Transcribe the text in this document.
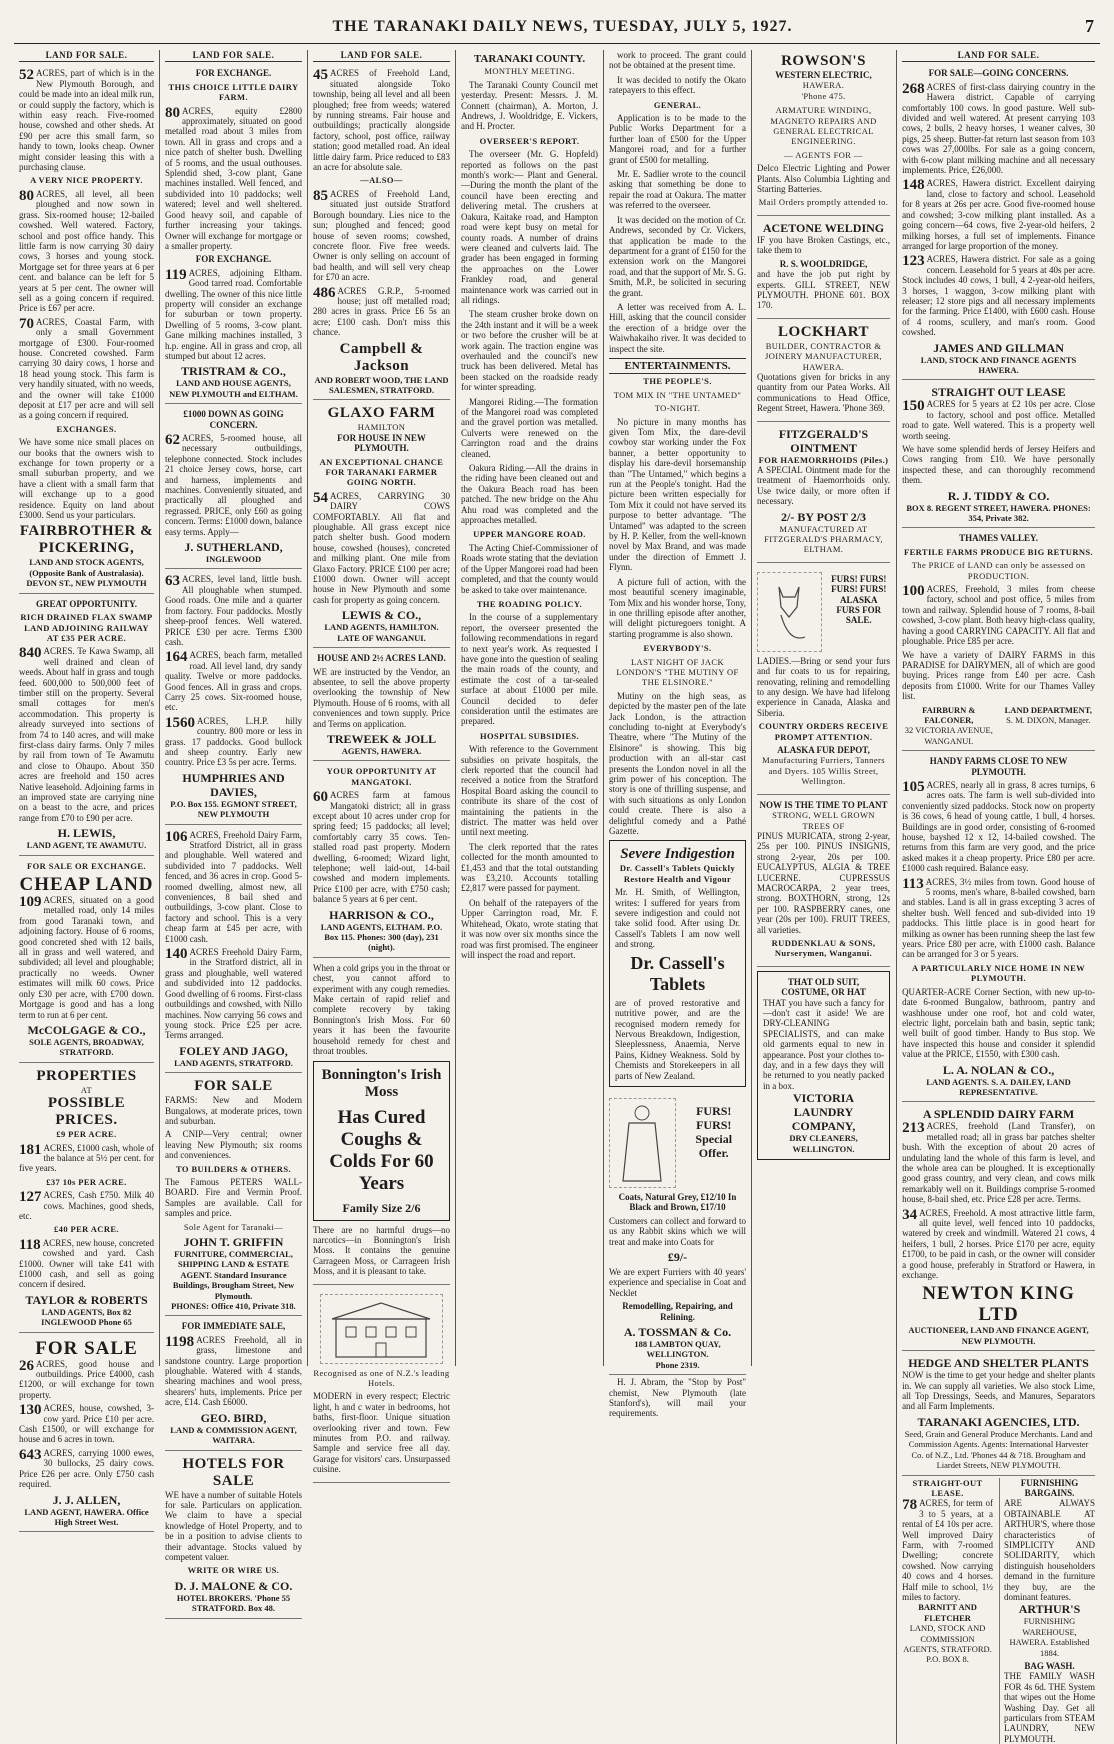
THE TARANAKI DAILY NEWS, TUESDAY, JULY 5, 1927.	7
LAND FOR SALE.

52 ACRES, part of which is in the New Plymouth Borough, and could be made into an ideal milk run, or could supply the factory, which is within easy reach. Five-roomed house, cowshed and other sheds. At £90 per acre this small farm, so handy to town, looks cheap. Owner might consider leasing this with a purchasing clause.

A VERY NICE PROPERTY.

80 ACRES, all level, all been ploughed and now sown in grass. Six-roomed house; 12-bailed cowshed. Well watered. Factory, school and post office handy. This little farm is now carrying 30 dairy cows, 3 horses and young stock. Mortgage set for three years at 6 per cent. and balance can be left for 5 years at 5 per cent. The owner will sell as a going concern if required. Price is £67 per acre.

70 ACRES, Coastal Farm, with only a small Government mortgage of £300. Four-roomed house. Concreted cowshed. Farm carrying 30 dairy cows, 1 horse and 18 head young stock. This farm is very handily situated, with no weeds, and the owner will take £1000 deposit at £17 per acre and will sell as a going concern if required.

EXCHANGES.

We have some nice small places on our books that the owners wish to exchange for town property or a small suburban property, and we have a client with a small farm that will exchange up to a good residence. Equity on land about £3000. Send us your particulars.

FAIRBROTHER & PICKERING,
LAND AND STOCK AGENTS, (Opposite Bank of Australasia). DEVON ST., NEW PLYMOUTH

GREAT OPPORTUNITY.

RICH DRAINED FLAX SWAMP LAND ADJOINING RAILWAY AT £35 PER ACRE.

840 ACRES. Te Kawa Swamp, all well drained and clean of weeds. About half in grass and tough feed. 600,000 to 500,000 feet of timber still on the property. Several small cottages for men's accommodation. This property is already surveyed into sections of from 74 to 140 acres, and will make first-class dairy farms. Only 7 miles by rail from town of Te Awamutu and close to Ohaupo. About 350 acres are freehold and 150 acres Native leasehold. Adjoining farms in an improved state are carrying nine on a beast to the acre, and prices range from £70 to £90 per acre.

H. LEWIS,
LAND AGENT, TE AWAMUTU.

FOR SALE OR EXCHANGE.

CHEAP LAND

109 ACRES, situated on a good metalled road, only 14 miles from good Taranaki town, and adjoining factory. House of 6 rooms, good concreted shed with 12 bails, all in grass and well watered, and subdivided; all level and ploughable; practically no weeds. Owner estimates will milk 60 cows. Price only £30 per acre, with £700 down. Mortgage is good and has a long term to run at 6 per cent.

McCOLGAGE & CO.,
SOLE AGENTS, BROADWAY, STRATFORD.
PROPERTIES
AT
POSSIBLE PRICES.

£9 PER ACRE.

181 ACRES, £1000 cash, whole of the balance at 5½ per cent. for five years.

£37 10s PER ACRE.

127 ACRES, Cash £750. Milk 40 cows. Machines, good sheds, etc.

£40 PER ACRE.

118 ACRES, new house, concreted cowshed and yard. Cash £1000. Owner will take £41 with £1000 cash, and sell as going concern if desired.

TAYLOR & ROBERTS
LAND AGENTS, Box 82 INGLEWOOD Phone 65
FOR SALE

26 ACRES, good house and outbuildings. Price £4000, cash £1200, or will exchange for town property.

130 ACRES, house, cowshed, 3-cow yard. Price £10 per acre. Cash £1500, or will exchange for house and 6 acres in town.

643 ACRES, carrying 1000 ewes, 30 bullocks, 25 dairy cows. Price £26 per acre. Only £750 cash required.

J. J. ALLEN,
LAND AGENT, HAWERA. Office High Street West.
LAND FOR SALE.

FOR EXCHANGE.

THIS CHOICE LITTLE DAIRY FARM.

80 ACRES, equity £2800 approximately, situated on good metalled road about 3 miles from town. All in grass and crops and a nice patch of shelter bush. Dwelling of 5 rooms, and the usual outhouses. Splendid shed, 3-cow plant, Gane machines installed. Well fenced, and subdivided into 10 paddocks; well watered; level and well sheltered. Good heavy soil, and capable of further increasing your takings. Owner will exchange for mortgage or a smaller property.

FOR EXCHANGE.

119 ACRES, adjoining Eltham. Good tarred road. Comfortable dwelling. The owner of this nice little property will consider an exchange for suburban or town property. Dwelling of 5 rooms, 3-cow plant. Gane milking machines installed, 3 h.p. engine. All in grass and crop, all stumped but about 12 acres.

TRISTRAM & CO.,
LAND AND HOUSE AGENTS, NEW PLYMOUTH and ELTHAM.

£1000 DOWN AS GOING CONCERN.

62 ACRES, 5-roomed house, all necessary outbuildings, telephone connected. Stock includes 21 choice Jersey cows, horse, cart and harness, implements and machines. Conveniently situated, and practically all ploughed and regrassed. PRICE, only £60 as going concern. Terms: £1000 down, balance easy terms. Apply—

J. SUTHERLAND,
INGLEWOOD

63 ACRES, level land, little bush. All ploughable when stumped. Good roads. One mile and a quarter from factory. Four paddocks. Mostly sheep-proof fences. Well watered. PRICE £30 per acre. Terms £300 cash.

164 ACRES, beach farm, metalled road. All level land, dry sandy quality. Twelve or more paddocks. Good fences. All in grass and crops. Carry 25 cows. Six-roomed house, etc.

1560 ACRES, L.H.P. hilly country. 800 more or less in grass. 17 paddocks. Good bullock and sheep country. Early new country. Price £3 5s per acre. Terms.

HUMPHRIES AND DAVIES,
P.O. Box 155. EGMONT STREET, NEW PLYMOUTH

106 ACRES, Freehold Dairy Farm, Stratford District, all in grass and ploughable. Well watered and subdivided into 7 paddocks. Well fenced, and 36 acres in crop. Good 5-roomed dwelling, almost new, all conveniences, 8 bail shed and outbuildings, 3-cow plant. Close to factory and school. This is a very cheap farm at £45 per acre, with £1000 cash.

140 ACRES Freehold Dairy Farm, in the Stratford district, all in grass and ploughable, well watered and subdivided into 12 paddocks. Good dwelling of 6 rooms. First-class outbuildings and cowshed, with Nillo machines. Now carrying 56 cows and young stock. Price £25 per acre. Terms arranged.

FOLEY AND JAGO,
LAND AGENTS, STRATFORD.
FOR SALE

FARMS: New and Modern Bungalows, at moderate prices, town and suburban.

A CNIP—Very central; owner leaving New Plymouth; six rooms and conveniences.

TO BUILDERS & OTHERS.

The Famous PETERS WALL-BOARD. Fire and Vermin Proof. Samples are available. Call for samples and price.

Sole Agent for Taranaki—

JOHN T. GRIFFIN
FURNITURE, COMMERCIAL, SHIPPING LAND & ESTATE AGENT. Standard Insurance Buildings, Brougham Street, New Plymouth.
PHONES: Office 410, Private 318.

FOR IMMEDIATE SALE,

1198 ACRES Freehold, all in grass, limestone and sandstone country. Large proportion ploughable. Watered with 4 stands, shearing machines and wool press, shearers' huts, implements. Price per acre, £14. Cash £6000.

GEO. BIRD,
LAND & COMMISSION AGENT, WAITARA.
HOTELS FOR SALE

WE have a number of suitable Hotels for sale. Particulars on application. We claim to have a special knowledge of Hotel Property, and to be in a position to advise clients to their advantage. Stocks valued by competent valuer.

WRITE OR WIRE US.

D. J. MALONE & CO.
HOTEL BROKERS. 'Phone 55 STRATFORD. Box 48.
LAND FOR SALE.

45 ACRES of Freehold Land, situated alongside Toko township, being all level and all been ploughed; free from weeds; watered by running streams. Fair house and outbuildings; practically alongside factory, school, post office, railway station; good metalled road. An ideal little dairy farm. Price reduced to £83 an acre for absolute sale.

—ALSO—

85 ACRES of Freehold Land, situated just outside Stratford Borough boundary. Lies nice to the sun; ploughed and fenced; good house of seven rooms; cowshed, concrete floor. Five free weeds. Owner is only selling on account of bad health, and will sell very cheap for £70 an acre.

486 ACRES G.R.P., 5-roomed house; just off metalled road; 280 acres in grass. Price £6 5s an acre; £100 cash. Don't miss this chance.

Campbell & Jackson
AND ROBERT WOOD, THE LAND SALESMEN, STRATFORD.
GLAXO FARM
HAMILTON

FOR HOUSE IN NEW PLYMOUTH.

AN EXCEPTIONAL CHANCE FOR TARANAKI FARMER GOING NORTH.

54 ACRES, CARRYING 30 DAIRY COWS COMFORTABLY. All flat and ploughable. All grass except nice patch shelter bush. Good modern house, cowshed (houses), concreted and milking plant. One mile from Glaxo Factory. PRICE £100 per acre; £1000 down. Owner will accept house in New Plymouth and some cash for property as going concern.

LEWIS & CO.,
LAND AGENTS, HAMILTON. LATE OF WANGANUI.

HOUSE AND 2½ ACRES LAND.

WE are instructed by the Vendor, an absentee, to sell the above property overlooking the township of New Plymouth. House of 6 rooms, with all conveniences and town supply. Price and Terms on application.

TREWEEK & JOLL
AGENTS, HAWERA.

YOUR OPPORTUNITY AT MANGATOKI.

60 ACRES farm at famous Mangatoki district; all in grass except about 10 acres under crop for spring feed; 15 paddocks; all level; comfortably carry 35 cows. Ten-stalled road past property. Modern dwelling, 6-roomed; Wizard light, telephone; well laid-out, 14-bail cowshed and modern implements. Price £100 per acre, with £750 cash; balance 5 years at 6 per cent.

HARRISON & CO.,
LAND AGENTS, ELTHAM. P.O. Box 115. Phones: 300 (day), 231 (night).

When a cold grips you in the throat or chest, you cannot afford to experiment with any cough remedies. Make certain of rapid relief and complete recovery by taking Bonnington's Irish Moss. For 60 years it has been the favourite household remedy for chest and throat troubles.

Bonnington's Irish Moss
Has Cured Coughs & Colds For 60 Years
Family Size 2/6

There are no harmful drugs—no narcotics—in Bonnington's Irish Moss. It contains the genuine Carrageen Moss, or Carrageen Irish Moss, and it is pleasant to take.

Recognised as one of N.Z.'s leading Hotels.

MODERN in every respect; Electric light, h and c water in bedrooms, hot baths, first-floor. Unique situation overlooking river and town. Few minutes from P.O. and railway. Sample and service free all day. Garage for visitors' cars. Unsurpassed cuisine.

TARANAKI COUNTY.
MONTHLY MEETING.

The Taranaki County Council met yesterday. Present: Messrs. J. M. Connett (chairman), A. Morton, J. Andrews, J. Wooldridge, E. Vickers, and H. Procter.

OVERSEER'S REPORT.

The overseer (Mr. G. Hopfeld) reported as follows on the past month's work:— Plant and General.—During the month the plant of the council have been erecting and delivering metal. The crushers at Oakura, Kaitake road, and Hampton road were kept busy on metal for county roads. A number of drains were cleaned and culverts laid. The grader has been engaged in forming the approaches on the Lower Frankley road, and general maintenance work was carried out in all ridings.

The steam crusher broke down on the 24th instant and it will be a week or two before the crusher will be at work again. The traction engine was overhauled and the council's new truck has been delivered. Metal has been stacked on the roadside ready for winter spreading.

Mangorei Riding.—The formation of the Mangorei road was completed and the gravel portion was metalled. Culverts were renewed on the Carrington road and the drains cleaned.

Oakura Riding.—All the drains in the riding have been cleaned out and the Oakura Beach road has been patched. The new bridge on the Ahu Ahu road was completed and the approaches metalled.

UPPER MANGORE ROAD.

The Acting Chief-Commissioner of Roads wrote stating that the deviation of the Upper Mangorei road had been completed, and that the county would be asked to take over maintenance.

THE ROADING POLICY.

In the course of a supplementary report, the overseer presented the following recommendations in regard to next year's work. As requested I have gone into the question of sealing the main roads of the county, and estimate the cost of a tar-sealed surface at about £1000 per mile. Council decided to defer consideration until the estimates are prepared.

HOSPITAL SUBSIDIES.

With reference to the Government subsidies on private hospitals, the clerk reported that the council had received a notice from the Stratford Hospital Board asking the council to contribute its share of the cost of maintaining the patients in the district. The matter was held over until next meeting.

The clerk reported that the rates collected for the month amounted to £1,453 and that the total outstanding was £3,210. Accounts totalling £2,817 were passed for payment.

On behalf of the ratepayers of the Upper Carrington road, Mr. F. Whitehead, Okato, wrote stating that it was now over six months since the road was first promised. The engineer will inspect the road and report.

work to proceed. The grant could not be obtained at the present time.

It was decided to notify the Okato ratepayers to this effect.

GENERAL.

Application is to be made to the Public Works Department for a further loan of £500 for the Upper Mangorei road, and for a further grant of £500 for metalling.

Mr. E. Sadlier wrote to the council asking that something be done to repair the road at Oakura. The matter was referred to the overseer.

It was decided on the motion of Cr. Andrews, seconded by Cr. Vickers, that application be made to the department for a grant of £150 for the extension work on the Mangorei road, and that the support of Mr. S. G. Smith, M.P., be solicited in securing the grant.

A letter was received from A. L. Hill, asking that the council consider the erection of a bridge over the Waiwhakaiho river. It was decided to inspect the site.

ENTERTAINMENTS.
THE PEOPLE'S.
TOM MIX IN "THE UNTAMED"
TO-NIGHT.

No picture in many months has given Tom Mix, the dare-devil cowboy star working under the Fox banner, a better opportunity to display his dare-devil horsemanship than "The Untamed," which begins a run at the People's tonight. Had the picture been written especially for Tom Mix it could not have served its purpose to better advantage. "The Untamed" was adapted to the screen by H. P. Keller, from the well-known novel by Max Brand, and was made under the direction of Emmett J. Flynn.

A picture full of action, with the most beautiful scenery imaginable, Tom Mix and his wonder horse, Tony, in one thrilling episode after another, will delight picturegoers tonight. A starting programme is also shown.

EVERYBODY'S.
LAST NIGHT OF JACK LONDON'S "THE MUTINY OF THE ELSINORE."

Mutiny on the high seas, as depicted by the master pen of the late Jack London, is the attraction concluding to-night at Everybody's Theatre, where "The Mutiny of the Elsinore" is showing. This big production with an all-star cast presents the London novel in all the grim power of his conception. The story is one of thrilling suspense, and with such situations as only London could create. There is also a delightful comedy and a Pathé Gazette.

Severe Indigestion
Dr. Cassell's Tablets Quickly Restore Health and Vigour

Mr. H. Smith, of Wellington, writes: I suffered for years from severe indigestion and could not take solid food. After using Dr. Cassell's Tablets I am now well and strong.

Dr. Cassell's Tablets

are of proved restorative and nutritive power, and are the recognised modern remedy for Nervous Breakdown, Indigestion, Sleeplessness, Anaemia, Nerve Pains, Kidney Weakness. Sold by Chemists and Storekeepers in all parts of New Zealand.

FURS! FURS! Special Offer.

Coats, Natural Grey, £12/10 In Black and Brown, £17/10

Customers can collect and forward to us any Rabbit skins which we will treat and make into Coats for

£9/-

We are expert Furriers with 40 years' experience and specialise in Coat and Necklet

Remodelling, Repairing, and Relining.

A. TOSSMAN & Co.
188 LAMBTON QUAY, WELLINGTON.
Phone 2319.

H. J. Abram, the "Stop by Post" chemist, New Plymouth (late Stanford's), will mail your requirements.

ROWSON'S
WESTERN ELECTRIC,
HAWERA.
'Phone 475.

ARMATURE WINDING, MAGNETO REPAIRS AND GENERAL ELECTRICAL ENGINEERING.

— AGENTS FOR —

Delco Electric Lighting and Power Plants. Also Columbia Lighting and Starting Batteries.

Mail Orders promptly attended to.

ACETONE WELDING

IF you have Broken Castings, etc., take them to

R. S. WOOLDRIDGE,

and have the job put right by experts. GILL STREET, NEW PLYMOUTH. PHONE 601. BOX 170.

LOCKHART
BUILDER, CONTRACTOR & JOINERY MANUFACTURER, HAWERA.

Quotations given for bricks in any quantity from our Patea Works. All communications to Head Office, Regent Street, Hawera. 'Phone 369.

FITZGERALD'S OINTMENT
FOR HAEMORRHOIDS (Piles.)

A SPECIAL Ointment made for the treatment of Haemorrhoids only. Use twice daily, or more often if necessary.

2/- BY POST 2/3

MANUFACTURED AT FITZGERALD'S PHARMACY, ELTHAM.

FURS! FURS! FURS! FURS! ALASKA FURS FOR SALE.

LADIES.—Bring or send your furs and fur coats to us for repairing, renovating, relining and remodelling to any design. We have had lifelong experience in Canada, Alaska and Siberia.

COUNTRY ORDERS RECEIVE PROMPT ATTENTION.

ALASKA FUR DEPOT,

Manufacturing Furriers, Tanners and Dyers. 105 Willis Street, Wellington.

NOW IS THE TIME TO PLANT
STRONG, WELL GROWN TREES OF

PINUS MURICATA, strong 2-year, 25s per 100. PINUS INSIGNIS, strong 2-year, 20s per 100. EUCALYPTUS, ALGIA & TREE LUCERNE. CUPRESSUS MACROCARPA, 2 year trees, strong. BOXTHORN, strong, 12s per 100. RASPBERRY canes, one year (20s per 100). FRUIT TREES, all varieties.

RUDDENKLAU & SONS, Nurserymen, Wanganui.

THAT OLD SUIT, COSTUME, OR HAT

THAT you have such a fancy for—don't cast it aside! We are DRY-CLEANING SPECIALISTS, and can make old garments equal to new in appearance. Post your clothes to-day, and in a few days they will be returned to you neatly packed in a box.

VICTORIA LAUNDRY COMPANY,
DRY CLEANERS, WELLINGTON.
LAND FOR SALE.

FOR SALE—GOING CONCERNS.

268 ACRES of first-class dairying country in the Hawera district. Capable of carrying comfortably 100 cows. In good pasture. Well sub-divided and well watered. At present carrying 103 cows, 2 bulls, 2 heavy horses, 1 weaner calves, 30 pigs, 25 sheep. Butter-fat return last season from 103 cows was 27,000lbs. For sale as a going concern, with 6-cow plant milking machine and all necessary implements. Price, £26,000.

148 ACRES, Hawera district. Excellent dairying land, close to factory and school. Leasehold for 8 years at 26s per acre. Good five-roomed house and cowshed; 3-cow milking plant installed. As a going concern—64 cows, five 2-year-old heifers, 2 milking horses, a full set of implements. Finance arranged for large proportion of the money.

123 ACRES, Hawera district. For sale as a going concern. Leasehold for 5 years at 40s per acre. Stock includes 40 cows, 1 bull, 4 2-year-old heifers, 3 horses, 1 waggon, 3-cow milking plant with releaser; 12 store pigs and all necessary implements for the farming. Price £1400, with £600 cash. House of 4 rooms, scullery, and man's room. Good cowshed.

JAMES AND GILLMAN
LAND, STOCK AND FINANCE AGENTS HAWERA.
STRAIGHT OUT LEASE

150 ACRES for 5 years at £2 10s per acre. Close to factory, school and post office. Metalled road to gate. Well watered. This is a property well worth seeing.

We have some splendid herds of Jersey Heifers and Cows ranging from £10. We have personally inspected these, and can thoroughly recommend them.

R. J. TIDDY & CO.
BOX 8. REGENT STREET, HAWERA. PHONES: 354, Private 382.

THAMES VALLEY.

FERTILE FARMS PRODUCE BIG RETURNS.

The PRICE of LAND can only be assessed on PRODUCTION.

100 ACRES, Freehold, 3 miles from cheese factory, school and post office, 5 miles from town and railway. Splendid house of 7 rooms, 8-bail cowshed, 3-cow plant. Both heavy high-class quality, having a good CARRYING CAPACITY. All flat and ploughable. Price £85 per acre.

We have a variety of DAIRY FARMS in this PARADISE for DAIRYMEN, all of which are good buying. Prices range from £40 per acre. Cash deposits from £1000. Write for our Thames Valley list.

FAIRBURN & FALCONER,
32 VICTORIA AVENUE, WANGANUI.
LAND DEPARTMENT,
S. M. DIXON, Manager.

HANDY FARMS CLOSE TO NEW PLYMOUTH.

105 ACRES, nearly all in grass, 8 acres turnips, 6 acres oats. The farm is well sub-divided into conveniently sized paddocks. Stock now on property is 36 cows, 6 head of young cattle, 1 bull, 4 horses. Buildings are in good order, consisting of 6-roomed house, bayshed 12 x 12, 14-bailed cowshed. The returns from this farm are very good, and the price asked makes it a cheap property. Price £80 per acre. £1000 cash required. Balance easy.

113 ACRES, 3½ miles from town. Good house of 5 rooms, men's whare, 8-bailed cowshed, barn and stables. Land is all in grass excepting 3 acres of shelter bush. Well fenced and sub-divided into 19 paddocks. This little place is in good heart for milking as owner has been running sheep the last few years. Price £80 per acre, with £1000 cash. Balance can be arranged for 3 or 5 years.

A PARTICULARLY NICE HOME IN NEW PLYMOUTH.

QUARTER-ACRE Corner Section, with new up-to-date 6-roomed Bungalow, bathroom, pantry and washhouse under one roof, hot and cold water, electric light, porcelain bath and basin, septic tank; well built of good timber. Handy to Bus stop. We have inspected this house and consider it splendid value at the PRICE, £1550, with £300 cash.

L. A. NOLAN & CO.,
LAND AGENTS. S. A. DAILEY, LAND REPRESENTATIVE.
A SPLENDID DAIRY FARM

213 ACRES, freehold (Land Transfer), on metalled road; all in grass bar patches shelter bush. With the exception of about 20 acres of undulating land the whole of this farm is level, and the whole area can be ploughed. It is exceptionally good grass country, and very clean, and cows milk remarkably well on it. Buildings comprise 5-roomed house, 8-bail shed, etc. Price £28 per acre. Terms.

34 ACRES, Freehold. A most attractive little farm, all quite level, well fenced into 10 paddocks, watered by creek and windmill. Watered 21 cows, 4 heifers, 1 bull, 2 horses. Price £170 per acre, equity £1700, to be paid in cash, or the owner will consider a good house, preferably in Stratford or Hawera, in exchange.

NEWTON KING LTD
AUCTIONEER, LAND AND FINANCE AGENT, NEW PLYMOUTH.
HEDGE AND SHELTER PLANTS

NOW is the time to get your hedge and shelter plants in. We can supply all varieties. We also stock Lime, all Top Dressings, Seeds, and Manures, Separators and all Farm Implements.

TARANAKI AGENCIES, LTD.
Seed, Grain and General Produce Merchants. Land and Commission Agents. Agents: International Harvester Co. of N.Z., Ltd. 'Phones 44 & 718. Brougham and Liardet Streets, NEW PLYMOUTH.

STRAIGHT-OUT LEASE.

78 ACRES, for term of 3 to 5 years, at a rental of £4 10s per acre. Well improved Dairy Farm, with 7-roomed Dwelling; concrete cowshed. Now carrying 40 cows and 4 horses. Half mile to school, 1½ miles to factory.

BARNITT AND FLETCHER
LAND, STOCK AND COMMISSION AGENTS, STRATFORD. P.O. BOX 8.

FURNISHING BARGAINS.

ARE ALWAYS OBTAINABLE AT ARTHUR'S, where those characteristics of SIMPLICITY AND SOLIDARITY, which distinguish householders demand in the furniture they buy, are the dominant features.

ARTHUR'S
FURNISHING WAREHOUSE, HAWERA. Established 1884.

BAG WASH.

THE FAMILY WASH FOR 4s 6d. THE System that wipes out the Home Washing Day. Get all particulars from STEAM LAUNDRY, NEW PLYMOUTH.
